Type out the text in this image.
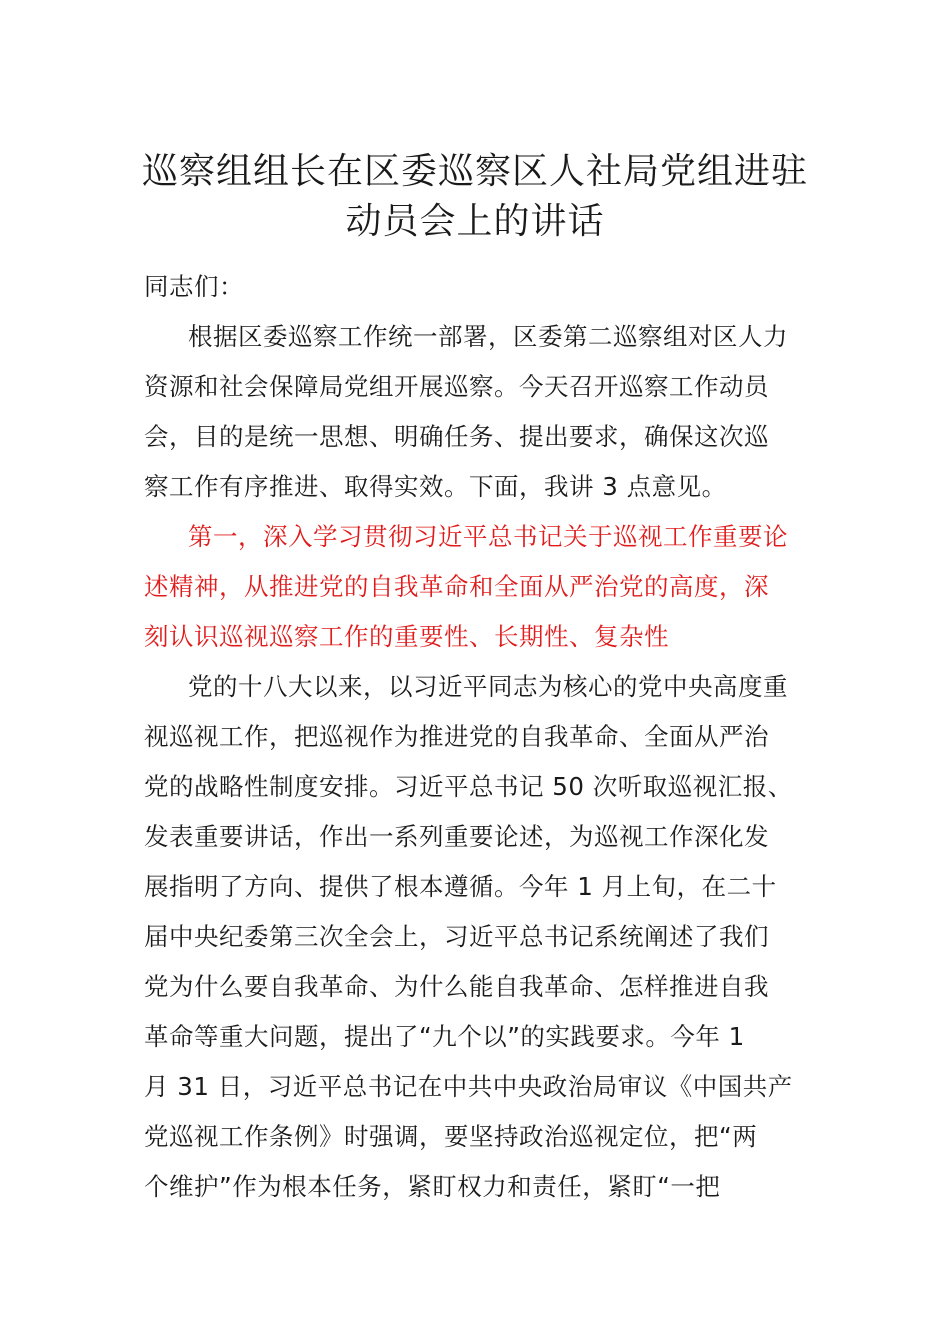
巡察组组长在区委巡察区人社局党组进驻
动员会上的讲话
同志们：
根据区委巡察工作统一部署，区委第二巡察组对区人力
资源和社会保障局党组开展巡察。今天召开巡察工作动员
会，目的是统一思想、明确任务、提出要求，确保这次巡
察工作有序推进、取得实效。下面，我讲 3 点意见。
第一，深入学习贯彻习近平总书记关于巡视工作重要论
述精神，从推进党的自我革命和全面从严治党的高度，深
刻认识巡视巡察工作的重要性、长期性、复杂性
党的十八大以来，以习近平同志为核心的党中央高度重
视巡视工作，把巡视作为推进党的自我革命、全面从严治
党的战略性制度安排。习近平总书记 50 次听取巡视汇报、
发表重要讲话，作出一系列重要论述，为巡视工作深化发
展指明了方向、提供了根本遵循。今年 1 月上旬，在二十
届中央纪委第三次全会上，习近平总书记系统阐述了我们
党为什么要自我革命、为什么能自我革命、怎样推进自我
革命等重大问题，提出了“九个以”的实践要求。今年 1
月 31 日，习近平总书记在中共中央政治局审议《中国共产
党巡视工作条例》时强调，要坚持政治巡视定位，把“两
个维护”作为根本任务，紧盯权力和责任，紧盯“一把
